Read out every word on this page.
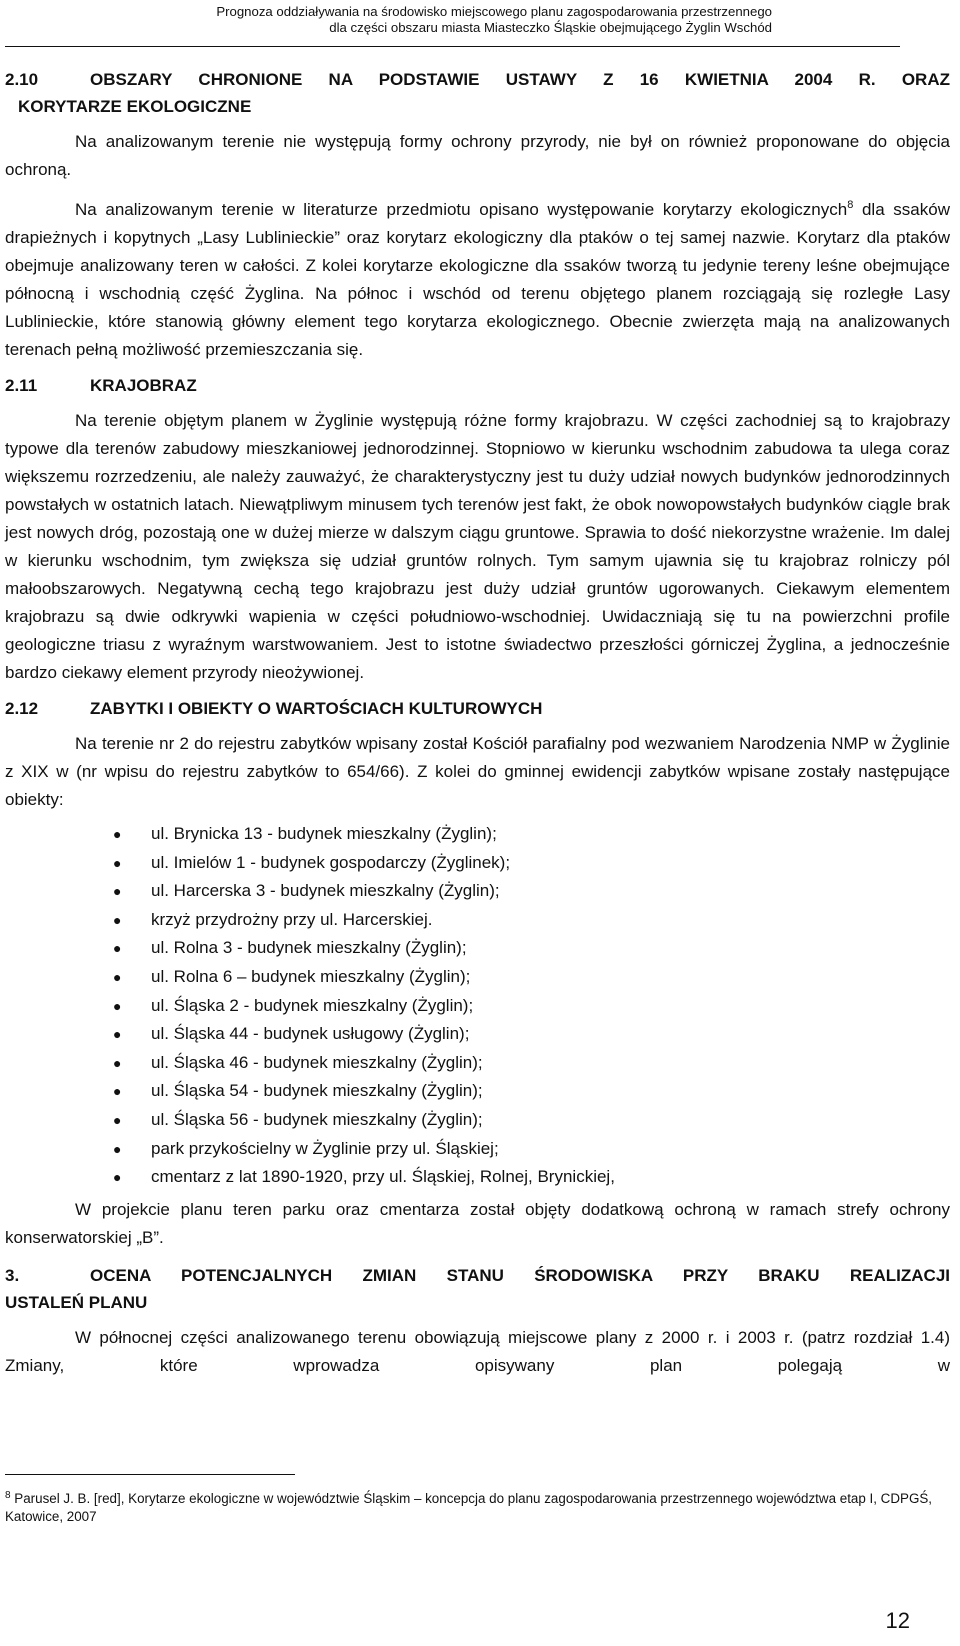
Prognoza oddziaływania na środowisko miejscowego planu zagospodarowania przestrzennego
dla części obszaru miasta Miasteczko Śląskie obejmującego Żyglin Wschód
2.10	OBSZARY CHRONIONE NA PODSTAWIE USTAWY Z 16 KWIETNIA 2004 R. ORAZ
KORYTARZE EKOLOGICZNE

Na analizowanym terenie nie występują formy ochrony przyrody, nie był on również proponowane do objęcia ochroną.

Na analizowanym terenie w literaturze przedmiotu opisano występowanie korytarzy ekologicznych$^8$ dla ssaków drapieżnych i kopytnych „Lasy Lublinieckie” oraz korytarz ekologiczny dla ptaków o tej samej nazwie. Korytarz dla ptaków obejmuje analizowany teren w całości. Z kolei korytarze ekologiczne dla ssaków tworzą tu jedynie tereny leśne obejmujące północną i wschodnią część Żyglina. Na północ i wschód od terenu objętego planem rozciągają się rozległe Lasy Lublinieckie, które stanowią główny element tego korytarza ekologicznego. Obecnie zwierzęta mają na analizowanych terenach pełną możliwość przemieszczania się.

2.11	KRAJOBRAZ

Na terenie objętym planem w Żyglinie występują różne formy krajobrazu. W części zachodniej są to krajobrazy typowe dla terenów zabudowy mieszkaniowej jednorodzinnej. Stopniowo w kierunku wschodnim zabudowa ta ulega coraz większemu rozrzedzeniu, ale należy zauważyć, że charakterystyczny jest tu duży udział nowych budynków jednorodzinnych powstałych w ostatnich latach. Niewątpliwym minusem tych terenów jest fakt, że obok nowopowstałych budynków ciągle brak jest nowych dróg, pozostają one w dużej mierze w dalszym ciągu gruntowe. Sprawia to dość niekorzystne wrażenie. Im dalej w kierunku wschodnim, tym zwiększa się udział gruntów rolnych. Tym samym ujawnia się tu krajobraz rolniczy pól małoobszarowych. Negatywną cechą tego krajobrazu jest duży udział gruntów ugorowanych. Ciekawym elementem krajobrazu są dwie odkrywki wapienia w części południowo-wschodniej. Uwidaczniają się tu na powierzchni profile geologiczne triasu z wyraźnym warstwowaniem. Jest to istotne świadectwo przeszłości górniczej Żyglina, a jednocześnie bardzo ciekawy element przyrody nieożywionej.

2.12	ZABYTKI I OBIEKTY O WARTOŚCIACH KULTUROWYCH

Na terenie nr 2 do rejestru zabytków wpisany został Kościół parafialny pod wezwaniem Narodzenia NMP w Żyglinie z XIX w (nr wpisu do rejestru zabytków to 654/66). Z kolei do gminnej ewidencji zabytków wpisane zostały następujące obiekty:

● ul. Brynicka 13 - budynek mieszkalny (Żyglin);
● ul. Imielów 1 - budynek gospodarczy (Żyglinek);
● ul. Harcerska 3 - budynek mieszkalny (Żyglin);
● krzyż przydrożny przy ul. Harcerskiej.
● ul. Rolna 3 - budynek mieszkalny (Żyglin);
● ul. Rolna 6 – budynek mieszkalny (Żyglin);
● ul. Śląska 2 - budynek mieszkalny (Żyglin);
● ul. Śląska 44 - budynek usługowy (Żyglin);
● ul. Śląska 46 - budynek mieszkalny (Żyglin);
● ul. Śląska 54 - budynek mieszkalny (Żyglin);
● ul. Śląska 56 - budynek mieszkalny (Żyglin);
● park przykościelny w Żyglinie przy ul. Śląskiej;
● cmentarz z lat 1890-1920, przy ul. Śląskiej, Rolnej, Brynickiej,

W projekcie planu teren parku oraz cmentarza został objęty dodatkową ochroną w ramach strefy ochrony konserwatorskiej „B”.

3.	OCENA POTENCJALNYCH ZMIAN STANU ŚRODOWISKA PRZY BRAKU REALIZACJI
USTALEŃ PLANU

W północnej części analizowanego terenu obowiązują miejscowe plany z 2000 r. i 2003 r. (patrz rozdział 1.4) Zmiany, które wprowadza opisywany plan polegają w

$^8$ Parusel J. B. [red], Korytarze ekologiczne w województwie Śląskim – koncepcja do planu zagospodarowania przestrzennego województwa etap I, CDPGŚ, Katowice, 2007
12
